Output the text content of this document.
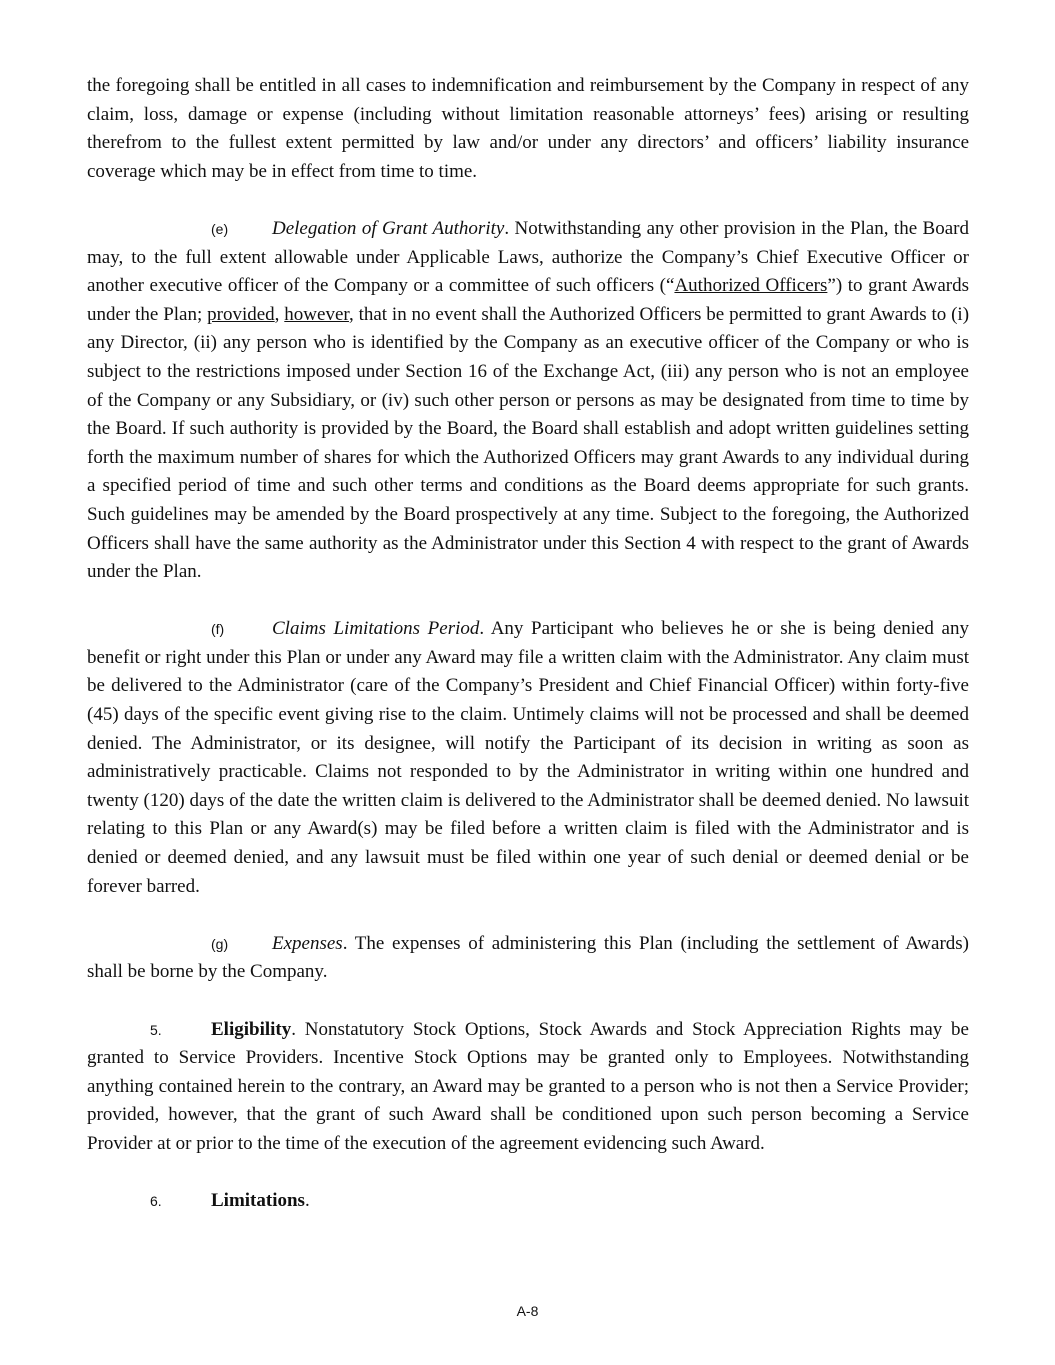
the foregoing shall be entitled in all cases to indemnification and reimbursement by the Company in respect of any claim, loss, damage or expense (including without limitation reasonable attorneys’ fees) arising or resulting therefrom to the fullest extent permitted by law and/or under any directors’ and officers’ liability insurance coverage which may be in effect from time to time.

(e) Delegation of Grant Authority. Notwithstanding any other provision in the Plan, the Board may, to the full extent allowable under Applicable Laws, authorize the Company’s Chief Executive Officer or another executive officer of the Company or a committee of such officers (“Authorized Officers”) to grant Awards under the Plan; provided, however, that in no event shall the Authorized Officers be permitted to grant Awards to (i) any Director, (ii) any person who is identified by the Company as an executive officer of the Company or who is subject to the restrictions imposed under Section 16 of the Exchange Act, (iii) any person who is not an employee of the Company or any Subsidiary, or (iv) such other person or persons as may be designated from time to time by the Board. If such authority is provided by the Board, the Board shall establish and adopt written guidelines setting forth the maximum number of shares for which the Authorized Officers may grant Awards to any individual during a specified period of time and such other terms and conditions as the Board deems appropriate for such grants. Such guidelines may be amended by the Board prospectively at any time. Subject to the foregoing, the Authorized Officers shall have the same authority as the Administrator under this Section 4 with respect to the grant of Awards under the Plan.

(f)	Claims Limitations Period. Any Participant who believes he or she is being denied any benefit or right under this Plan or under any Award may file a written claim with the Administrator. Any claim must be delivered to the Administrator (care of the Company’s President and Chief Financial Officer) within forty-five (45) days of the specific event giving rise to the claim. Untimely claims will not be processed and shall be deemed denied. The Administrator, or its designee, will notify the Participant of its decision in writing as soon as administratively practicable. Claims not responded to by the Administrator in writing within one hundred and twenty (120) days of the date the written claim is delivered to the Administrator shall be deemed denied. No lawsuit relating to this Plan or any Award(s) may be filed before a written claim is filed with the Administrator and is denied or deemed denied, and any lawsuit must be filed within one year of such denial or deemed denial or be forever barred.

(g) Expenses. The expenses of administering this Plan (including the settlement of Awards) shall be borne by the Company.

5.	Eligibility. Nonstatutory Stock Options, Stock Awards and Stock Appreciation Rights may be granted to Service Providers. Incentive Stock Options may be granted only to Employees. Notwithstanding anything contained herein to the contrary, an Award may be granted to a person who is not then a Service Provider; provided, however, that the grant of such Award shall be conditioned upon such person becoming a Service Provider at or prior to the time of the execution of the agreement evidencing such Award.

6.	Limitations.

A-8
